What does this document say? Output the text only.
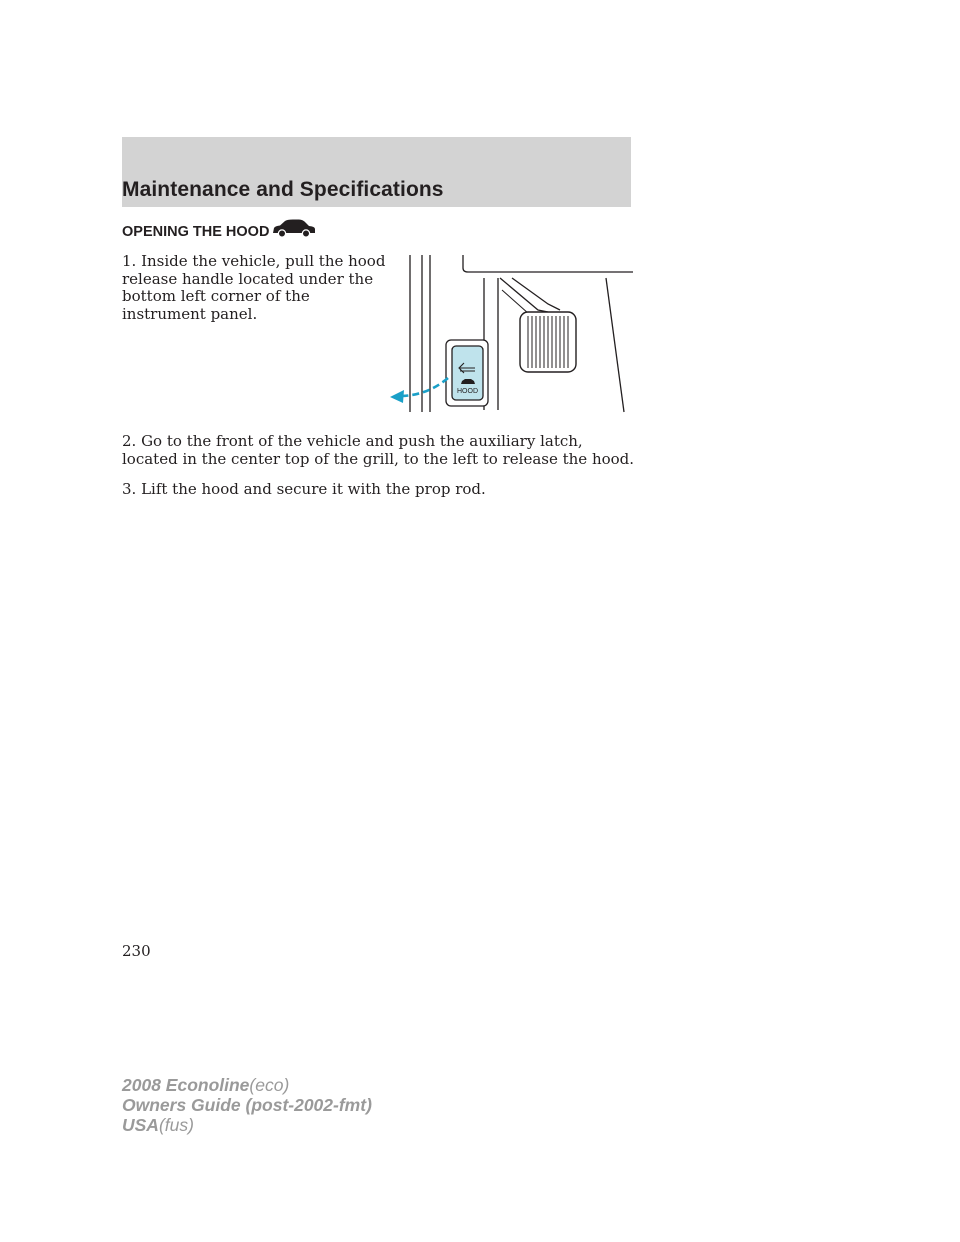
Maintenance and Specifications
OPENING THE HOOD
1. Inside the vehicle, pull the hood release handle located under the bottom left corner of the instrument panel.
HOOD
2. Go to the front of the vehicle and push the auxiliary latch, located in the center top of the grill, to the left to release the hood.
3. Lift the hood and secure it with the prop rod.
230
2008 Econoline(eco)
Owners Guide (post-2002-fmt)
USA(fus)
